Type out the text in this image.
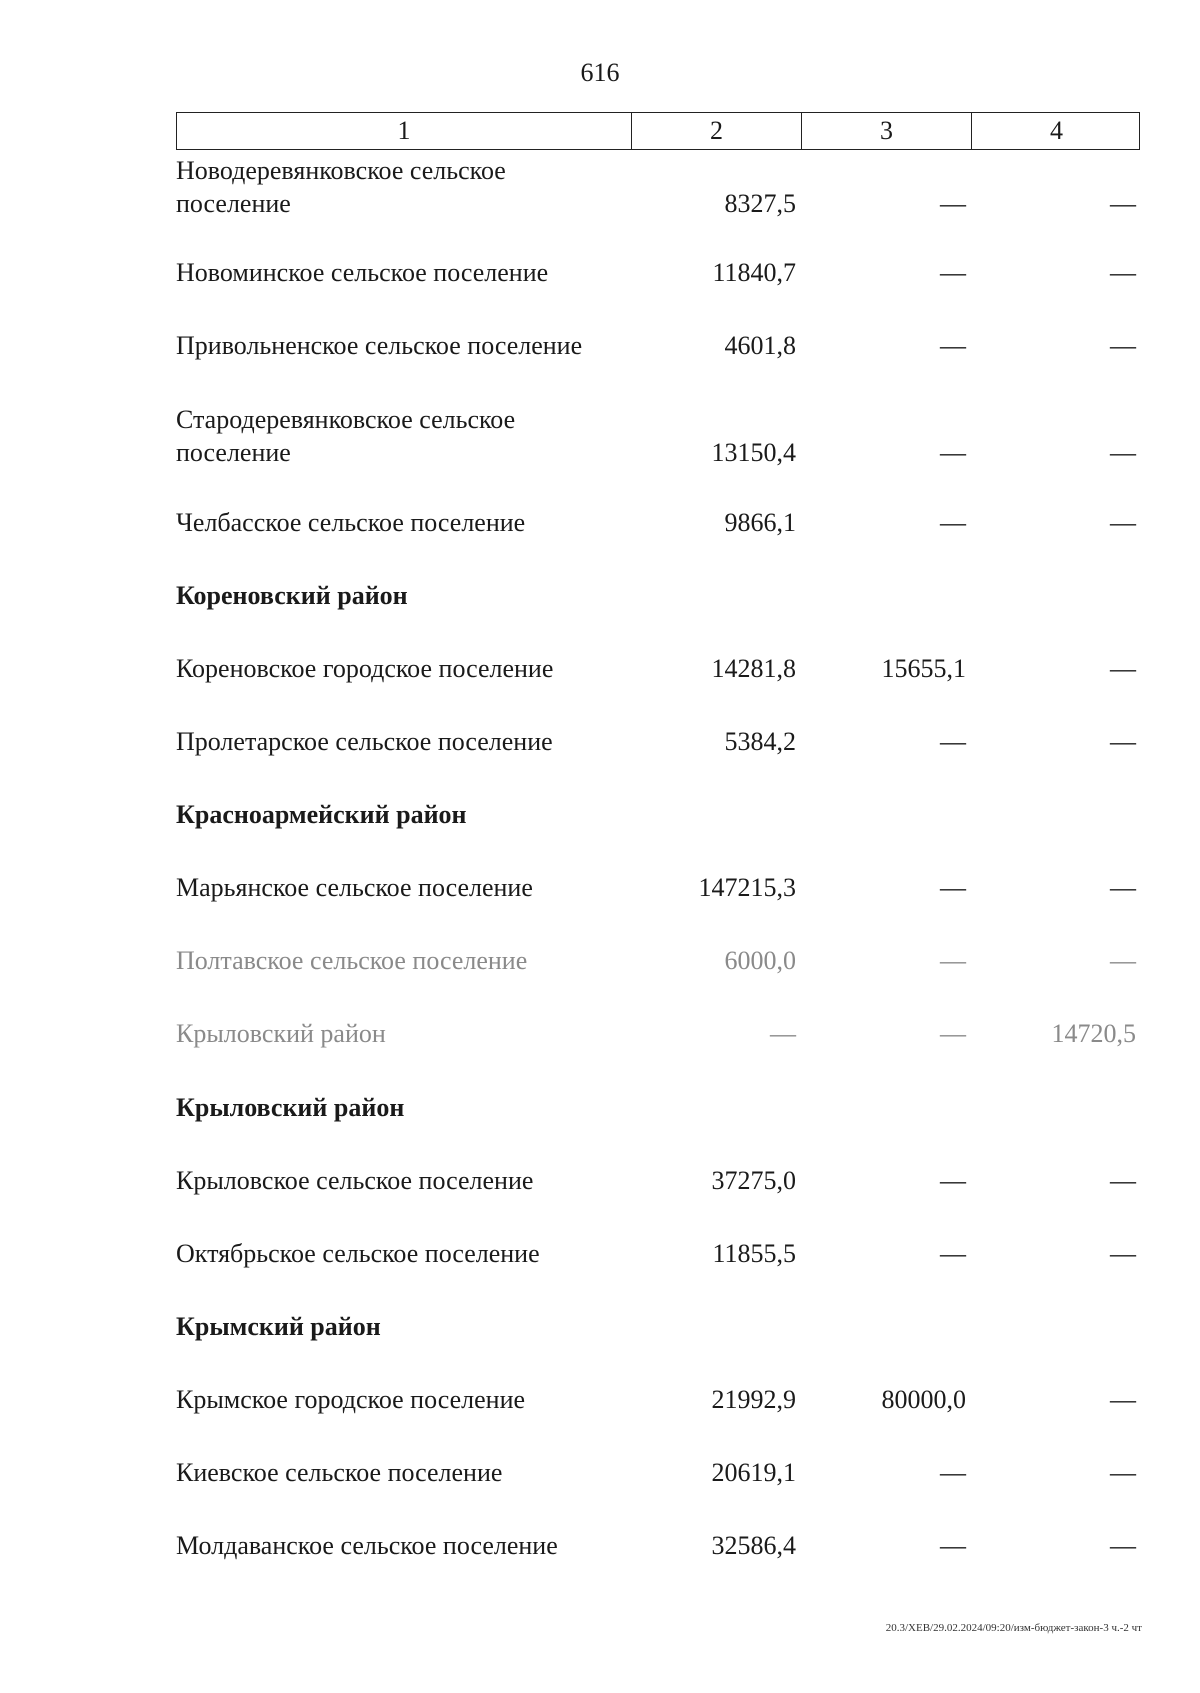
616
1	2	3	4
Новодеревянковское сельское поселение	8327,5	—	—
Новоминское сельское поселение	11840,7	—	—
Привольненское сельское поселение	4601,8	—	—
Стародеревянковское сельское поселение	13150,4	—	—
Челбасское сельское поселение	9866,1	—	—
Кореновский район
Кореновское городское поселение	14281,8	15655,1	—
Пролетарское сельское поселение	5384,2	—	—
Красноармейский район
Марьянское сельское поселение	147215,3	—	—
Полтавское сельское поселение	6000,0	—	—
Крыловский район	—	—	14720,5
Крыловский район
Крыловское сельское поселение	37275,0	—	—
Октябрьское сельское поселение	11855,5	—	—
Крымский район
Крымское городское поселение	21992,9	80000,0	—
Киевское сельское поселение	20619,1	—	—
Молдаванское сельское поселение	32586,4	—	—
20.3/ХЕВ/29.02.2024/09:20/изм-бюджет-закон-3 ч.-2 чт
